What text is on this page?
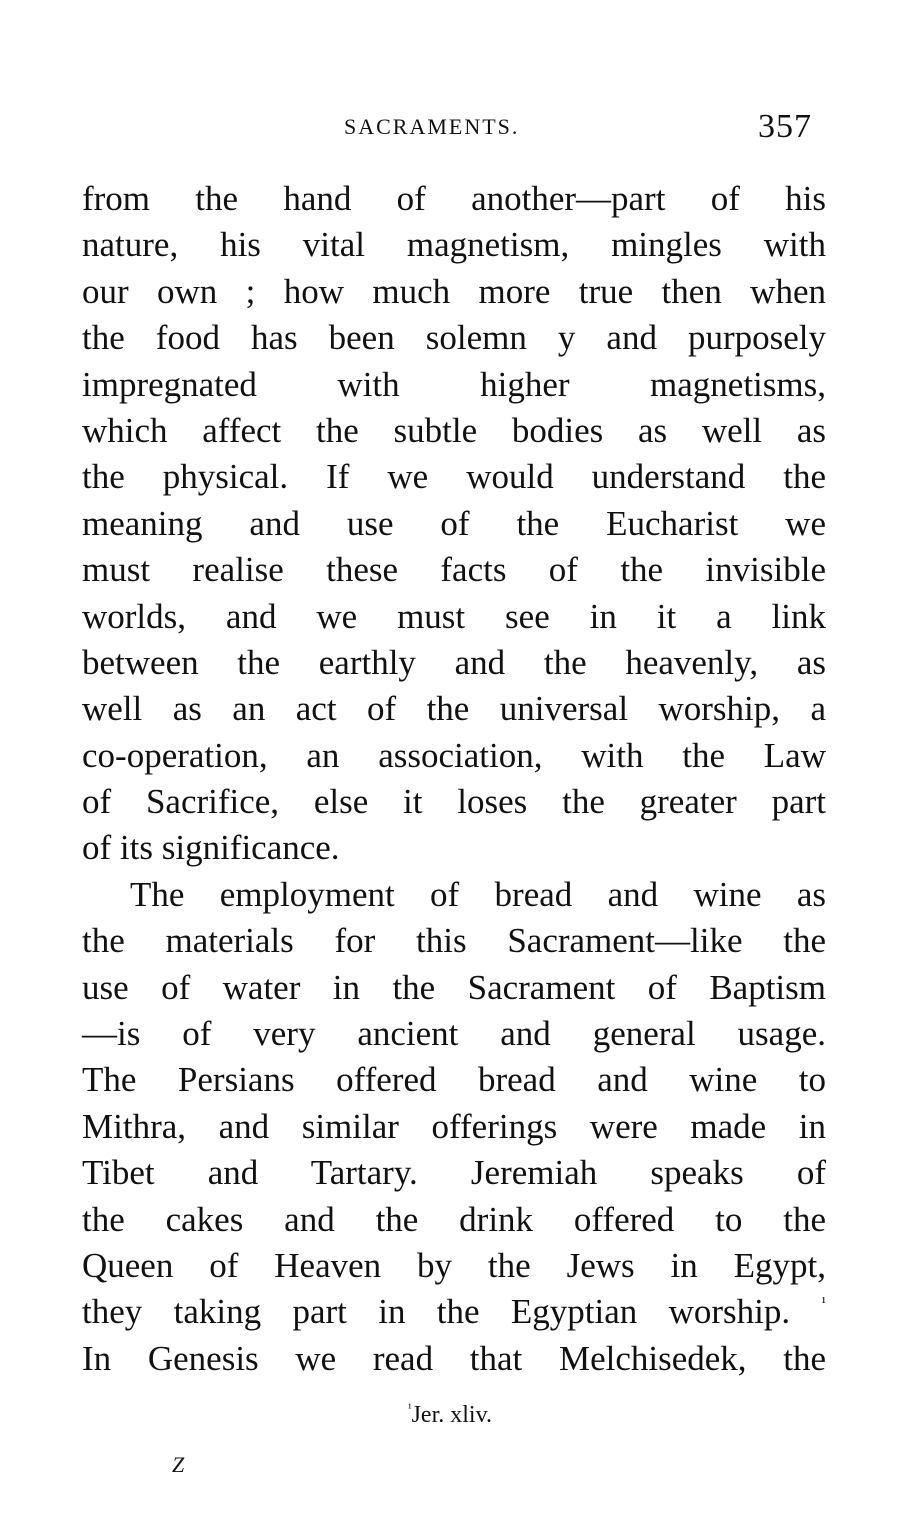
SACRAMENTS.	357
from the hand of another—part of his
nature, his vital magnetism, mingles with
our own ; how much more true then when
the food has been solemn y and purposely
impregnated with higher magnetisms,
which affect the subtle bodies as well as
the physical. If we would understand the
meaning and use of the Eucharist we
must realise these facts of the invisible
worlds, and we must see in it a link
between the earthly and the heavenly, as
well as an act of the universal worship, a
co-operation, an association, with the Law
of Sacrifice, else it loses the greater part
of its significance.
The employment of bread and wine as
the materials for this Sacrament—like the
use of water in the Sacrament of Baptism
—is of very ancient and general usage.
The Persians offered bread and wine to
Mithra, and similar offerings were made in
Tibet and Tartary. Jeremiah speaks of
the cakes and the drink offered to the
Queen of Heaven by the Jews in Egypt,
they taking part in the Egyptian worship. $^{^1}$
In Genesis we read that Melchisedek, the
$^{^1}$Jer. xliv.
Z
